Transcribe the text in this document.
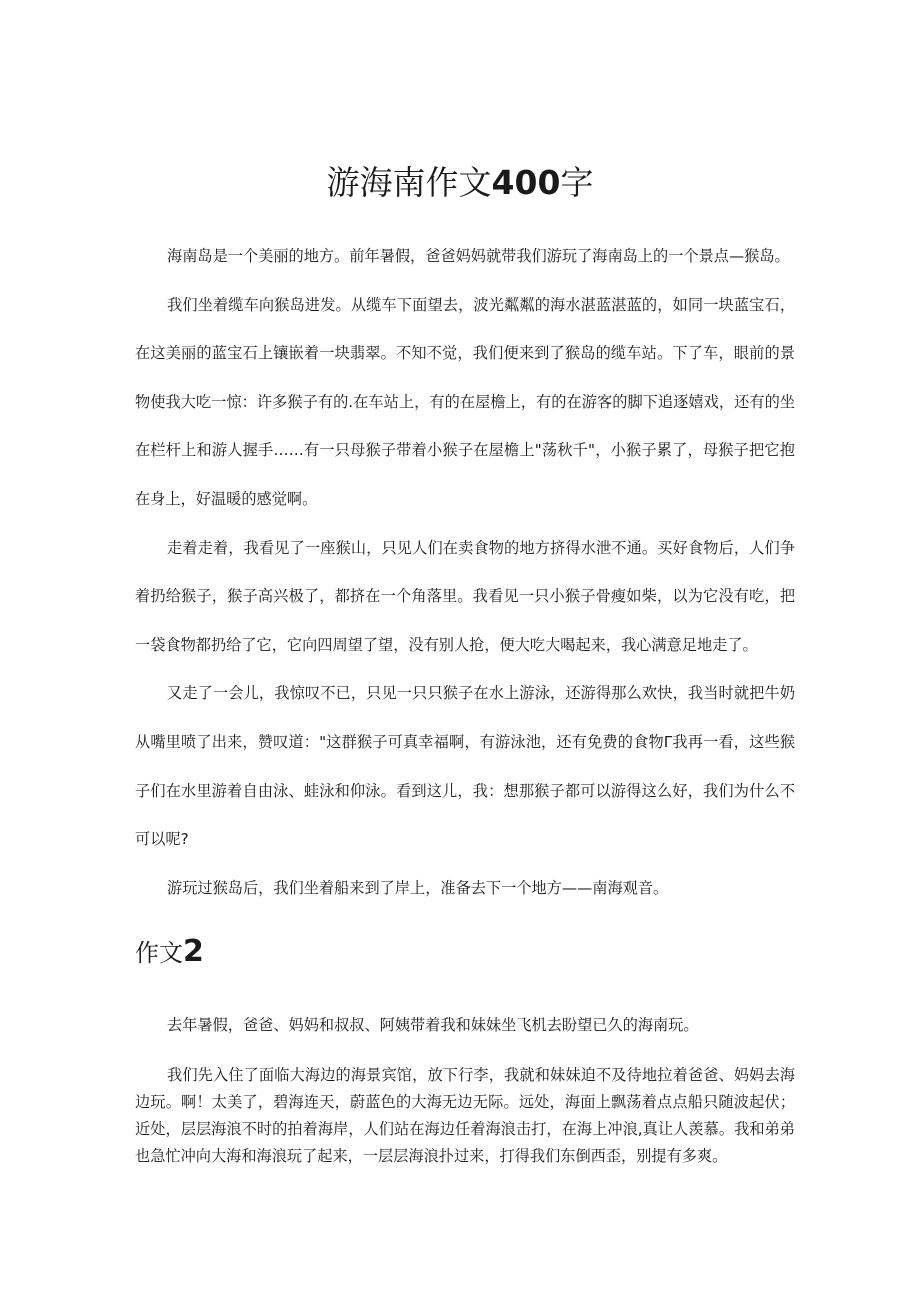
游海南作文400字

海南岛是一个美丽的地方。前年暑假，爸爸妈妈就带我们游玩了海南岛上的一个景点—猴岛。

我们坐着缆车向猴岛进发。从缆车下面望去，波光粼粼的海水湛蓝湛蓝的，如同一块蓝宝石，在这美丽的蓝宝石上镶嵌着一块翡翠。不知不觉，我们便来到了猴岛的缆车站。下了车，眼前的景物使我大吃一惊：许多猴子有的.在车站上，有的在屋檐上，有的在游客的脚下追逐嬉戏，还有的坐在栏杆上和游人握手……有一只母猴子带着小猴子在屋檐上"荡秋千"，小猴子累了，母猴子把它抱在身上，好温暖的感觉啊。

走着走着，我看见了一座猴山，只见人们在卖食物的地方挤得水泄不通。买好食物后，人们争着扔给猴子，猴子高兴极了，都挤在一个角落里。我看见一只小猴子骨瘦如柴，以为它没有吃，把一袋食物都扔给了它，它向四周望了望，没有别人抢，便大吃大喝起来，我心满意足地走了。

又走了一会儿，我惊叹不已，只见一只只猴子在水上游泳，还游得那么欢快，我当时就把牛奶从嘴里喷了出来，赞叹道："这群猴子可真幸福啊，有游泳池，还有免费的食物Γ我再一看，这些猴子们在水里游着自由泳、蛙泳和仰泳。看到这儿，我：想那猴子都可以游得这么好，我们为什么不可以呢?

游玩过猴岛后，我们坐着船来到了岸上，准备去下一个地方——南海观音。

作文2

去年暑假，爸爸、妈妈和叔叔、阿姨带着我和妹妹坐飞机去盼望已久的海南玩。

我们先入住了面临大海边的海景宾馆，放下行李，我就和妹妹迫不及待地拉着爸爸、妈妈去海边玩。啊！太美了，碧海连天，蔚蓝色的大海无边无际。远处，海面上飘荡着点点船只随波起伏；近处，层层海浪不时的拍着海岸，人们站在海边任着海浪击打，在海上冲浪,真让人羡慕。我和弟弟也急忙冲向大海和海浪玩了起来，一层层海浪扑过来，打得我们东倒西歪，别提有多爽。
